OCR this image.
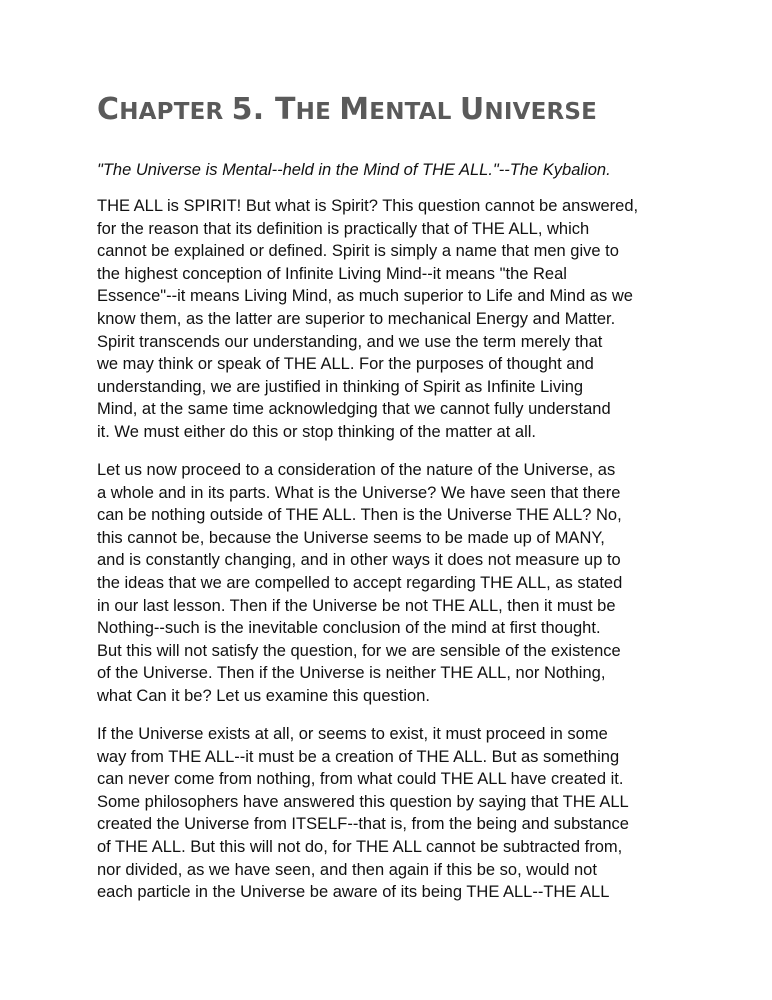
CHAPTER 5. THE MENTAL UNIVERSE
"The Universe is Mental--held in the Mind of THE ALL."--The Kybalion.

THE ALL is SPIRIT! But what is Spirit? This question cannot be answered,
for the reason that its definition is practically that of THE ALL, which
cannot be explained or defined. Spirit is simply a name that men give to
the highest conception of Infinite Living Mind--it means "the Real
Essence"--it means Living Mind, as much superior to Life and Mind as we
know them, as the latter are superior to mechanical Energy and Matter.
Spirit transcends our understanding, and we use the term merely that
we may think or speak of THE ALL. For the purposes of thought and
understanding, we are justified in thinking of Spirit as Infinite Living
Mind, at the same time acknowledging that we cannot fully understand
it. We must either do this or stop thinking of the matter at all.

Let us now proceed to a consideration of the nature of the Universe, as
a whole and in its parts. What is the Universe? We have seen that there
can be nothing outside of THE ALL. Then is the Universe THE ALL? No,
this cannot be, because the Universe seems to be made up of MANY,
and is constantly changing, and in other ways it does not measure up to
the ideas that we are compelled to accept regarding THE ALL, as stated
in our last lesson. Then if the Universe be not THE ALL, then it must be
Nothing--such is the inevitable conclusion of the mind at first thought.
But this will not satisfy the question, for we are sensible of the existence
of the Universe. Then if the Universe is neither THE ALL, nor Nothing,
what Can it be? Let us examine this question.

If the Universe exists at all, or seems to exist, it must proceed in some
way from THE ALL--it must be a creation of THE ALL. But as something
can never come from nothing, from what could THE ALL have created it.
Some philosophers have answered this question by saying that THE ALL
created the Universe from ITSELF--that is, from the being and substance
of THE ALL. But this will not do, for THE ALL cannot be subtracted from,
nor divided, as we have seen, and then again if this be so, would not
each particle in the Universe be aware of its being THE ALL--THE ALL
